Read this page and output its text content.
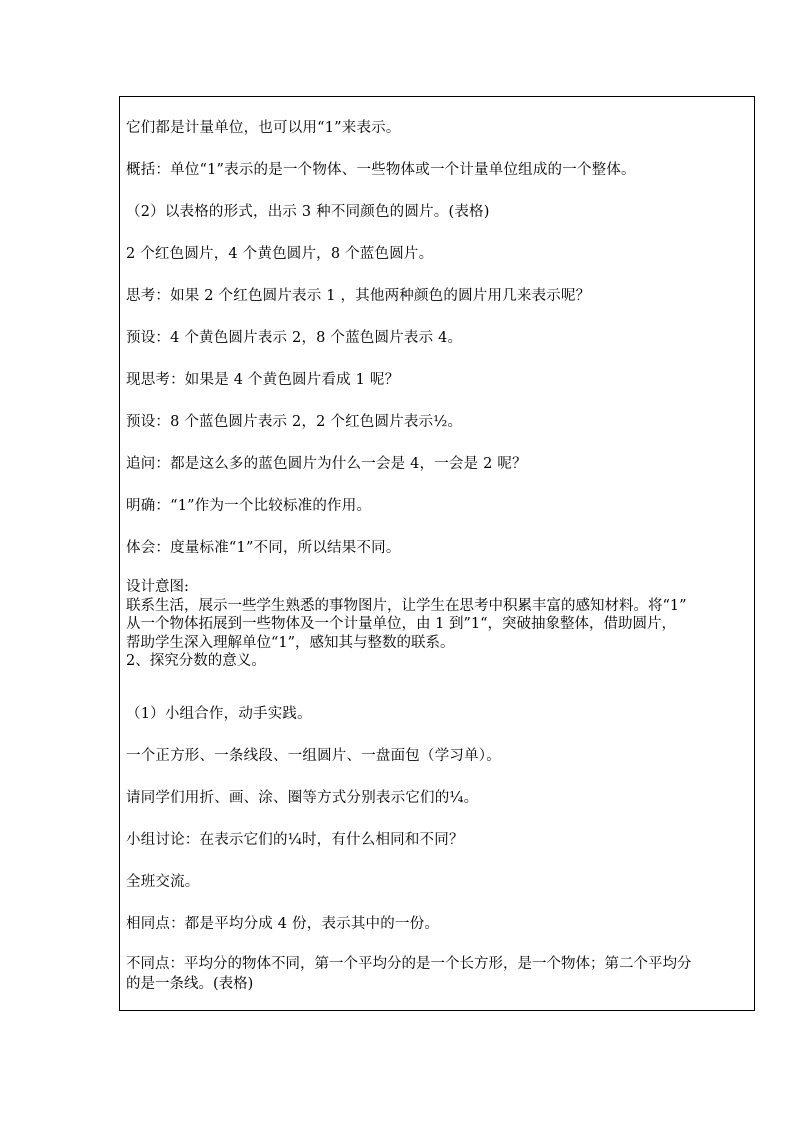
它们都是计量单位，也可以用“1”来表示。
概括：单位“1”表示的是一个物体、一些物体或一个计量单位组成的一个整体。
（2）以表格的形式，出示 3 种不同颜色的圆片。(表格)
2 个红色圆片，4 个黄色圆片，8 个蓝色圆片。
思考：如果 2 个红色圆片表示 1 ，其他两种颜色的圆片用几来表示呢？
预设：4 个黄色圆片表示 2，8 个蓝色圆片表示 4。
现思考：如果是 4 个黄色圆片看成 1 呢？
预设：8 个蓝色圆片表示 2，2 个红色圆片表示½。
追问：都是这么多的蓝色圆片为什么一会是 4，一会是 2 呢？
明确：“1”作为一个比较标准的作用。
体会：度量标准“1”不同，所以结果不同。
设计意图:
联系生活，展示一些学生熟悉的事物图片，让学生在思考中积累丰富的感知材料。将“1”
从一个物体拓展到一些物体及一个计量单位，由 1 到”1“，突破抽象整体，借助圆片，
帮助学生深入理解单位“1”，感知其与整数的联系。
2、探究分数的意义。
（1）小组合作，动手实践。
一个正方形、一条线段、一组圆片、一盘面包（学习单）。
请同学们用折、画、涂、圈等方式分别表示它们的¼。
小组讨论：在表示它们的¼时，有什么相同和不同？
全班交流。
相同点：都是平均分成 4 份，表示其中的一份。
不同点：平均分的物体不同，第一个平均分的是一个长方形，是一个物体；第二个平均分
的是一条线。(表格)
